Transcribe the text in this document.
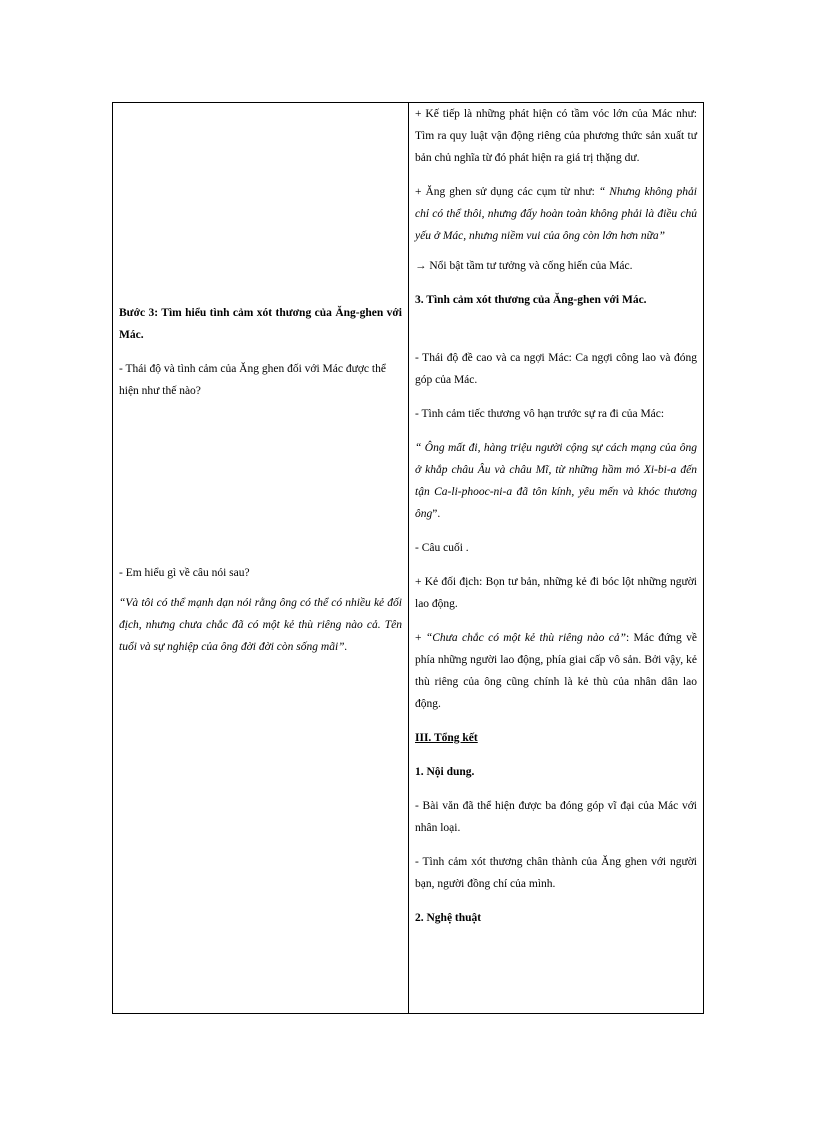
Bước 3: Tìm hiểu tình cảm xót thương của Ăng-ghen với Mác.

- Thái độ và tình cảm của Ăng ghen đối với Mác được thể hiện như thế nào?

- Em hiểu gì về câu nói sau?

“Và tôi có thể mạnh dạn nói rằng ông có thể có nhiều kẻ đối địch, nhưng chưa chắc đã có một kẻ thù riêng nào cả. Tên tuổi và sự nghiệp của ông đời đời còn sống mãi”.

+ Kế tiếp là những phát hiện có tầm vóc lớn của Mác như: Tìm ra quy luật vận động riêng của phương thức sản xuất tư bản chủ nghĩa từ đó phát hiện ra giá trị thặng dư.

+ Ăng ghen sử dụng các cụm từ như: “ Nhưng không phải chỉ có thể thôi, nhưng đấy hoàn toàn không phải là điều chủ yếu ở Mác, nhưng niềm vui của ông còn lớn hơn nữa”

→ Nổi bật tầm tư tưởng và cống hiến của Mác.

3. Tình cảm xót thương của Ăng-ghen với Mác.

- Thái độ đề cao và ca ngợi Mác: Ca ngợi công lao và đóng góp của Mác.

- Tình cảm tiếc thương vô hạn trước sự ra đi của Mác:

“ Ông mất đi, hàng triệu người cộng sự cách mạng của ông ở khắp châu Âu và châu Mĩ, từ những hầm mỏ Xi-bi-a đến tận Ca-li-phooc-ni-a đã tôn kính, yêu mến và khóc thương ông”.

- Câu cuối .

+ Kẻ đối địch: Bọn tư bản, những kẻ đi bóc lột những người lao động.

+ “Chưa chắc có một kẻ thù riêng nào cả”: Mác đứng về phía những người lao động, phía giai cấp vô sản. Bởi vậy, kẻ thù riêng của ông cũng chính là kẻ thù của nhân dân lao động.

III. Tổng kết

1. Nội dung.

- Bài văn đã thể hiện được ba đóng góp vĩ đại của Mác với nhân loại.

- Tình cảm xót thương chân thành của Ăng ghen với người bạn, người đồng chí của mình.

2. Nghệ thuật
